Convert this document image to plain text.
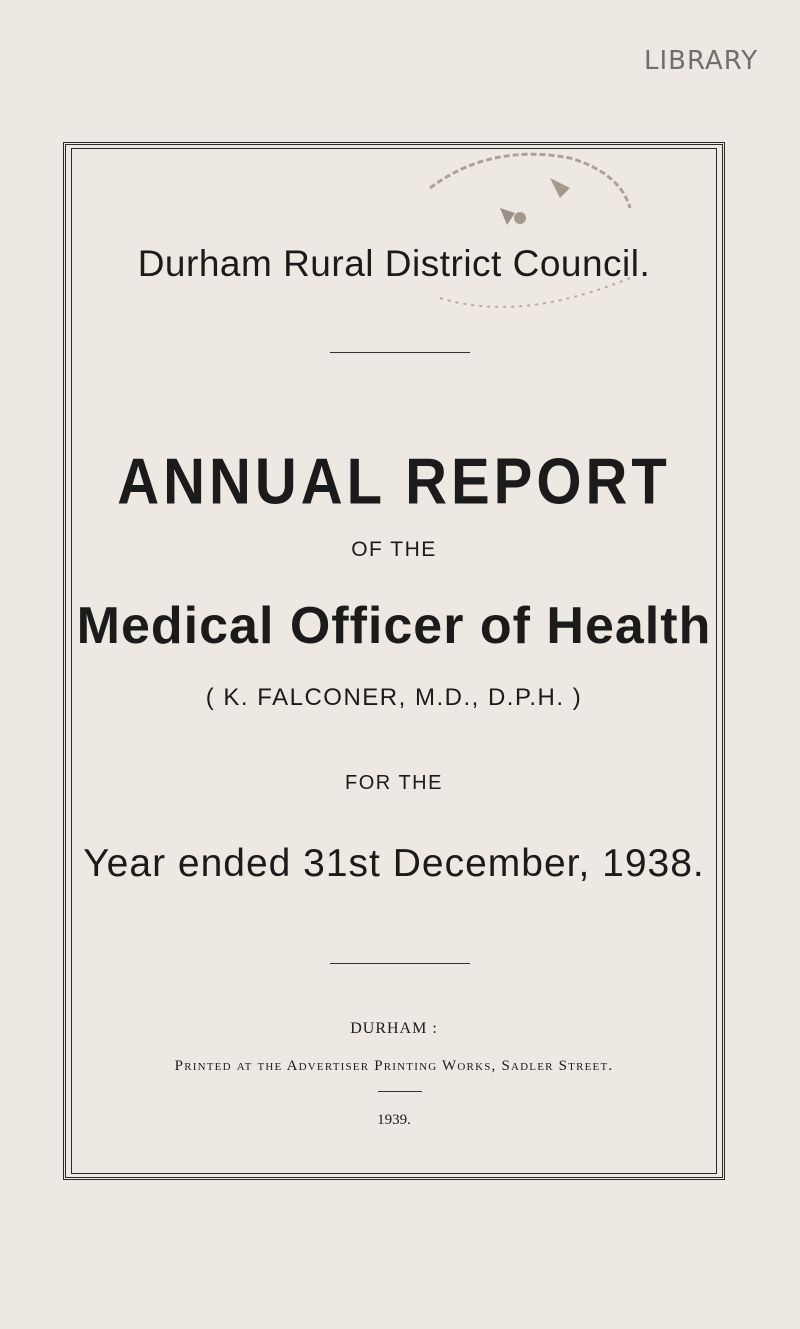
LIBRARY
Durham Rural District Council.
ANNUAL REPORT
OF THE
Medical Officer of Health
( K. FALCONER, M.D., D.P.H. )
FOR THE
Year ended 31st December, 1938.
DURHAM :
Printed at the Advertiser Printing Works, Sadler Street.
1939.
